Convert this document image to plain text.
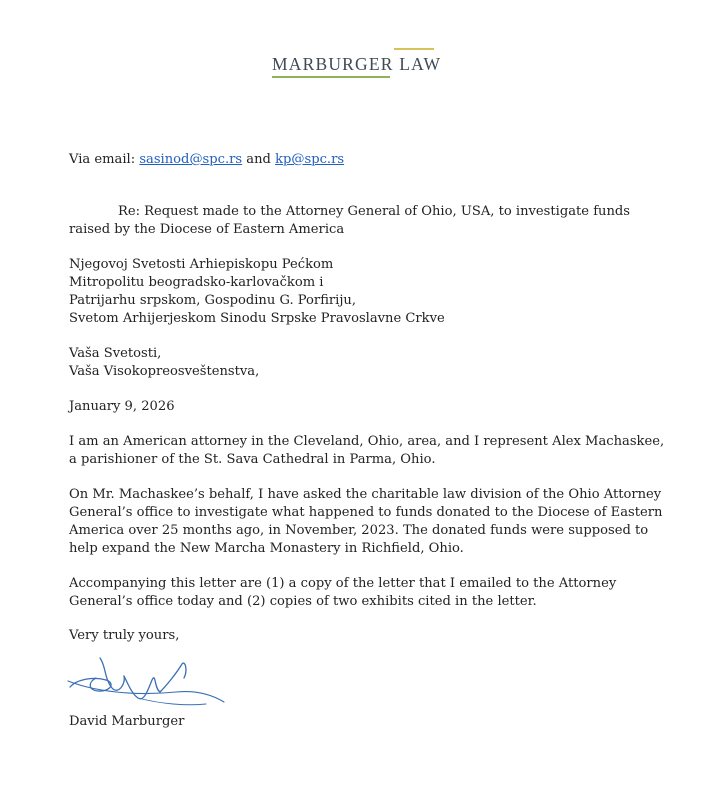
MARBURGER LAW
Via email: sasinod@spc.rs and kp@spc.rs
Re: Request made to the Attorney General of Ohio, USA, to investigate funds
raised by the Diocese of Eastern America
Njegovoj Svetosti Arhiepiskopu Pećkom
Mitropolitu beogradsko-karlovačkom i
Patrijarhu srpskom, Gospodinu G. Porfiriju,
Svetom Arhijerjeskom Sinodu Srpske Pravoslavne Crkve
Vaša Svetosti,
Vaša Visokopreosveštenstva,
January 9, 2026
I am an American attorney in the Cleveland, Ohio, area, and I represent Alex Machaskee,
a parishioner of the St. Sava Cathedral in Parma, Ohio.
On Mr. Machaskee’s behalf, I have asked the charitable law division of the Ohio Attorney
General’s office to investigate what happened to funds donated to the Diocese of Eastern
America over 25 months ago, in November, 2023. The donated funds were supposed to
help expand the New Marcha Monastery in Richfield, Ohio.
Accompanying this letter are (1) a copy of the letter that I emailed to the Attorney
General’s office today and (2) copies of two exhibits cited in the letter.
Very truly yours,
David Marburger
